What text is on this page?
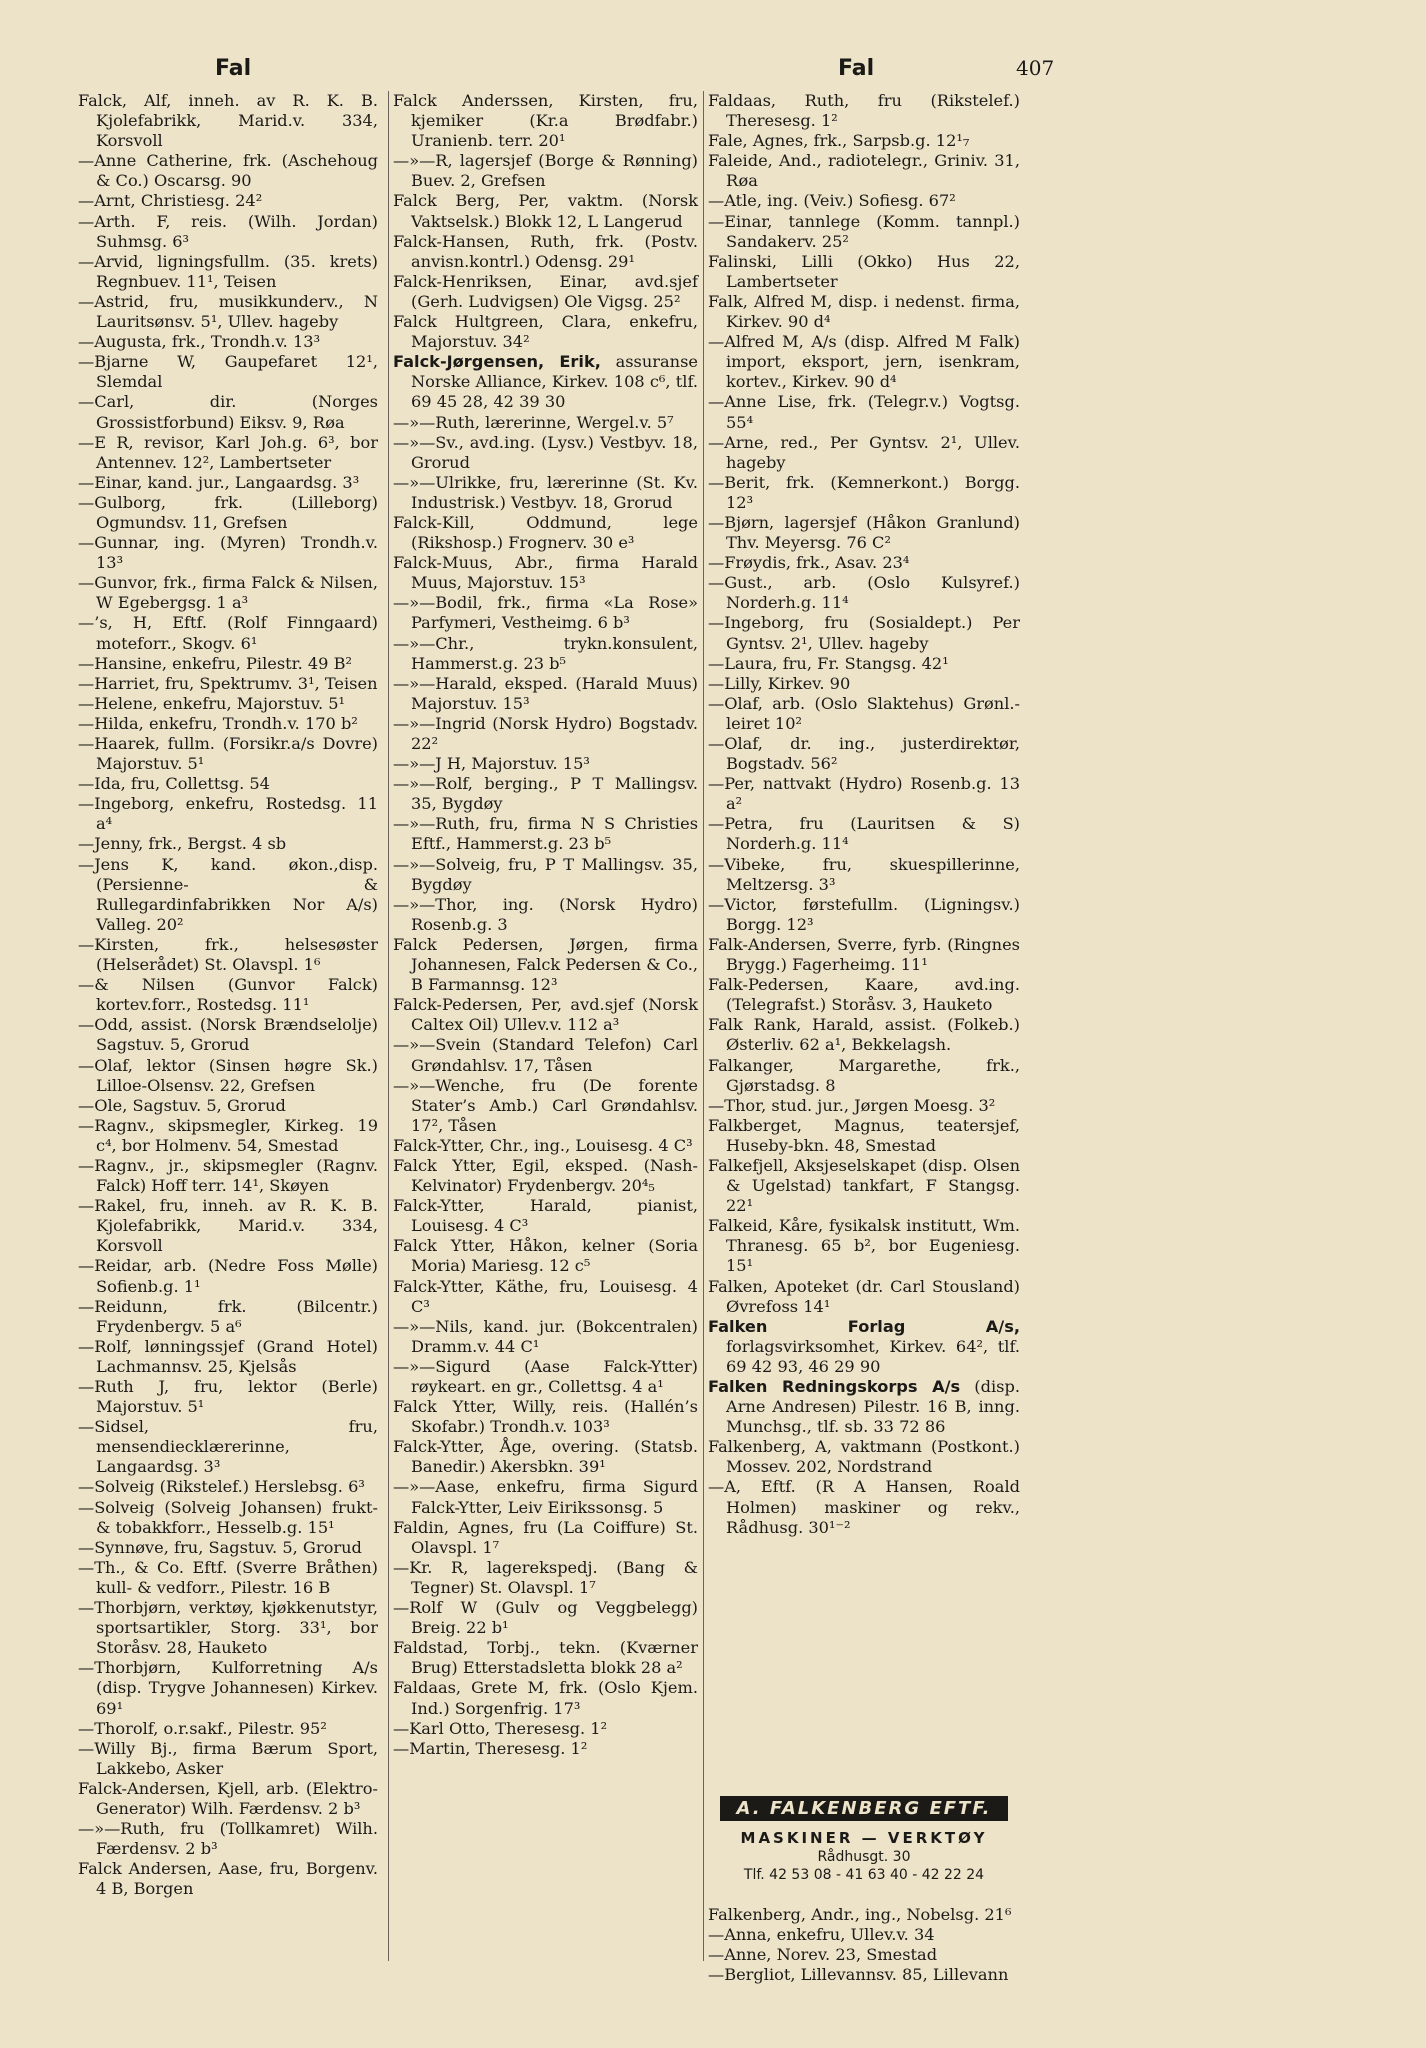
Fal	Fal	407

Falck, Alf, inneh. av R. K. B. Kjolefabrikk, Marid.v. 334, Korsvoll

—Anne Catherine, frk. (Aschehoug & Co.) Oscarsg. 90

—Arnt, Christiesg. 24²

—Arth. F, reis. (Wilh. Jordan) Suhmsg. 6³

—Arvid, ligningsfullm. (35. krets) Regnbuev. 11¹, Teisen

—Astrid, fru, musikkunderv., N Lauritsønsv. 5¹, Ullev. hageby

—Augusta, frk., Trondh.v. 13³

—Bjarne W, Gaupefaret 12¹, Slemdal

—Carl, dir. (Norges Grossistforbund) Eiksv. 9, Røa

—E R, revisor, Karl Joh.g. 6³, bor Antennev. 12², Lambertseter

—Einar, kand. jur., Langaardsg. 3³

—Gulborg, frk. (Lilleborg) Ogmundsv. 11, Grefsen

—Gunnar, ing. (Myren) Trondh.v. 13³

—Gunvor, frk., firma Falck & Nilsen, W Egebergsg. 1 a³

—’s, H, Eftf. (Rolf Finngaard) moteforr., Skogv. 6¹

—Hansine, enkefru, Pilestr. 49 B²

—Harriet, fru, Spektrumv. 3¹, Teisen

—Helene, enkefru, Majorstuv. 5¹

—Hilda, enkefru, Trondh.v. 170 b²

—Haarek, fullm. (Forsikr.a/s Dovre) Majorstuv. 5¹

—Ida, fru, Collettsg. 54

—Ingeborg, enkefru, Rostedsg. 11 a⁴

—Jenny, frk., Bergst. 4 sb

—Jens K, kand. økon.,disp. (Persienne- & Rullegardinfabrikken Nor A/s) Valleg. 20²

—Kirsten, frk., helsesøster (Helserådet) St. Olavspl. 1⁶

—& Nilsen (Gunvor Falck) kortev.forr., Rostedsg. 11¹

—Odd, assist. (Norsk Brændselolje) Sagstuv. 5, Grorud

—Olaf, lektor (Sinsen høgre Sk.) Lilloe-Olsensv. 22, Grefsen

—Ole, Sagstuv. 5, Grorud

—Ragnv., skipsmegler, Kirkeg. 19 c⁴, bor Holmenv. 54, Smestad

—Ragnv., jr., skipsmegler (Ragnv. Falck) Hoff terr. 14¹, Skøyen

—Rakel, fru, inneh. av R. K. B. Kjolefabrikk, Marid.v. 334, Korsvoll

—Reidar, arb. (Nedre Foss Mølle) Sofienb.g. 1¹

—Reidunn, frk. (Bilcentr.) Frydenbergv. 5 a⁶

—Rolf, lønningssjef (Grand Hotel) Lachmannsv. 25, Kjelsås

—Ruth J, fru, lektor (Berle) Majorstuv. 5¹

—Sidsel, fru, mensendiecklærerinne, Langaardsg. 3³

—Solveig (Rikstelef.) Herslebsg. 6³

—Solveig (Solveig Johansen) frukt- & tobakkforr., Hesselb.g. 15¹

—Synnøve, fru, Sagstuv. 5, Grorud

—Th., & Co. Eftf. (Sverre Bråthen) kull- & vedforr., Pilestr. 16 B

—Thorbjørn, verktøy, kjøkkenutstyr, sportsartikler, Storg. 33¹, bor Storåsv. 28, Hauketo

—Thorbjørn, Kulforretning A/s (disp. Trygve Johannesen) Kirkev. 69¹

—Thorolf, o.r.sakf., Pilestr. 95²

—Willy Bj., firma Bærum Sport, Lakkebo, Asker

Falck-Andersen, Kjell, arb. (Elektro-Generator) Wilh. Færdensv. 2 b³

—»—Ruth, fru (Tollkamret) Wilh. Færdensv. 2 b³

Falck Andersen, Aase, fru, Borgenv. 4 B, Borgen

Falck Anderssen, Kirsten, fru, kjemiker (Kr.a Brødfabr.) Uranienb. terr. 20¹

—»—R, lagersjef (Borge & Rønning) Buev. 2, Grefsen

Falck Berg, Per, vaktm. (Norsk Vaktselsk.) Blokk 12, L Langerud

Falck-Hansen, Ruth, frk. (Postv. anvisn.kontrl.) Odensg. 29¹

Falck-Henriksen, Einar, avd.sjef (Gerh. Ludvigsen) Ole Vigsg. 25²

Falck Hultgreen, Clara, enkefru, Majorstuv. 34²

Falck-Jørgensen, Erik, assuranse Norske Alliance, Kirkev. 108 c⁶, tlf. 69 45 28, 42 39 30

—»—Ruth, lærerinne, Wergel.v. 5⁷

—»—Sv., avd.ing. (Lysv.) Vestbyv. 18, Grorud

—»—Ulrikke, fru, lærerinne (St. Kv. Industrisk.) Vestbyv. 18, Grorud

Falck-Kill, Oddmund, lege (Rikshosp.) Frognerv. 30 e³

Falck-Muus, Abr., firma Harald Muus, Majorstuv. 15³

—»—Bodil, frk., firma «La Rose» Parfymeri, Vestheimg. 6 b³

—»—Chr., trykn.konsulent, Hammerst.g. 23 b⁵

—»—Harald, eksped. (Harald Muus) Majorstuv. 15³

—»—Ingrid (Norsk Hydro) Bogstadv. 22²

—»—J H, Majorstuv. 15³

—»—Rolf, berging., P T Mallingsv. 35, Bygdøy

—»—Ruth, fru, firma N S Christies Eftf., Hammerst.g. 23 b⁵

—»—Solveig, fru, P T Mallingsv. 35, Bygdøy

—»—Thor, ing. (Norsk Hydro) Rosenb.g. 3

Falck Pedersen, Jørgen, firma Johannesen, Falck Pedersen & Co., B Farmannsg. 12³

Falck-Pedersen, Per, avd.sjef (Norsk Caltex Oil) Ullev.v. 112 a³

—»—Svein (Standard Telefon) Carl Grøndahlsv. 17, Tåsen

—»—Wenche, fru (De forente Stater’s Amb.) Carl Grøndahlsv. 17², Tåsen

Falck-Ytter, Chr., ing., Louisesg. 4 C³

Falck Ytter, Egil, eksped. (Nash-Kelvinator) Frydenbergv. 20⁴₅

Falck-Ytter, Harald, pianist, Louisesg. 4 C³

Falck Ytter, Håkon, kelner (Soria Moria) Mariesg. 12 c⁵

Falck-Ytter, Käthe, fru, Louisesg. 4 C³

—»—Nils, kand. jur. (Bokcentralen) Dramm.v. 44 C¹

—»—Sigurd (Aase Falck-Ytter) røykeart. en gr., Collettsg. 4 a¹

Falck Ytter, Willy, reis. (Hallén’s Skofabr.) Trondh.v. 103³

Falck-Ytter, Åge, overing. (Statsb. Banedir.) Akersbkn. 39¹

—»—Aase, enkefru, firma Sigurd Falck-Ytter, Leiv Eirikssonsg. 5

Faldin, Agnes, fru (La Coiffure) St. Olavspl. 1⁷

—Kr. R, lagerekspedj. (Bang & Tegner) St. Olavspl. 1⁷

—Rolf W (Gulv og Veggbelegg) Breig. 22 b¹

Faldstad, Torbj., tekn. (Kværner Brug) Etterstadsletta blokk 28 a²

Faldaas, Grete M, frk. (Oslo Kjem. Ind.) Sorgenfrig. 17³

—Karl Otto, Theresesg. 1²

—Martin, Theresesg. 1²

Faldaas, Ruth, fru (Rikstelef.) Theresesg. 1²

Fale, Agnes, frk., Sarpsb.g. 12¹₇

Faleide, And., radiotelegr., Griniv. 31, Røa

—Atle, ing. (Veiv.) Sofiesg. 67²

—Einar, tannlege (Komm. tannpl.) Sandakerv. 25²

Falinski, Lilli (Okko) Hus 22, Lambertseter

Falk, Alfred M, disp. i nedenst. firma, Kirkev. 90 d⁴

—Alfred M, A/s (disp. Alfred M Falk) import, eksport, jern, isenkram, kortev., Kirkev. 90 d⁴

—Anne Lise, frk. (Telegr.v.) Vogtsg. 55⁴

—Arne, red., Per Gyntsv. 2¹, Ullev. hageby

—Berit, frk. (Kemnerkont.) Borgg. 12³

—Bjørn, lagersjef (Håkon Granlund) Thv. Meyersg. 76 C²

—Frøydis, frk., Asav. 23⁴

—Gust., arb. (Oslo Kulsyref.) Norderh.g. 11⁴

—Ingeborg, fru (Sosialdept.) Per Gyntsv. 2¹, Ullev. hageby

—Laura, fru, Fr. Stangsg. 42¹

—Lilly, Kirkev. 90

—Olaf, arb. (Oslo Slaktehus) Grønl.-leiret 10²

—Olaf, dr. ing., justerdirektør, Bogstadv. 56²

—Per, nattvakt (Hydro) Rosenb.g. 13 a²

—Petra, fru (Lauritsen & S) Norderh.g. 11⁴

—Vibeke, fru, skuespillerinne, Meltzersg. 3³

—Victor, førstefullm. (Ligningsv.) Borgg. 12³

Falk-Andersen, Sverre, fyrb. (Ringnes Brygg.) Fagerheimg. 11¹

Falk-Pedersen, Kaare, avd.ing. (Telegrafst.) Storåsv. 3, Hauketo

Falk Rank, Harald, assist. (Folkeb.) Østerliv. 62 a¹, Bekkelagsh.

Falkanger, Margarethe, frk., Gjørstadsg. 8

—Thor, stud. jur., Jørgen Moesg. 3²

Falkberget, Magnus, teatersjef, Huseby-bkn. 48, Smestad

Falkefjell, Aksjeselskapet (disp. Olsen & Ugelstad) tankfart, F Stangsg. 22¹

Falkeid, Kåre, fysikalsk institutt, Wm. Thranesg. 65 b², bor Eugeniesg. 15¹

Falken, Apoteket (dr. Carl Stousland) Øvrefoss 14¹

Falken Forlag A/s, forlagsvirksomhet, Kirkev. 64², tlf. 69 42 93, 46 29 90

Falken Redningskorps A/s (disp. Arne Andresen) Pilestr. 16 B, inng. Munchsg., tlf. sb. 33 72 86

Falkenberg, A, vaktmann (Postkont.) Mossev. 202, Nordstrand

—A, Eftf. (R A Hansen, Roald Holmen) maskiner og rekv., Rådhusg. 30¹⁻²

A. FALKENBERG EFTF.
MASKINER — VERKTØY
Rådhusgt. 30
Tlf. 42 53 08 - 41 63 40 - 42 22 24

Falkenberg, Andr., ing., Nobelsg. 21⁶

—Anna, enkefru, Ullev.v. 34

—Anne, Norev. 23, Smestad

—Bergliot, Lillevannsv. 85, Lillevann
